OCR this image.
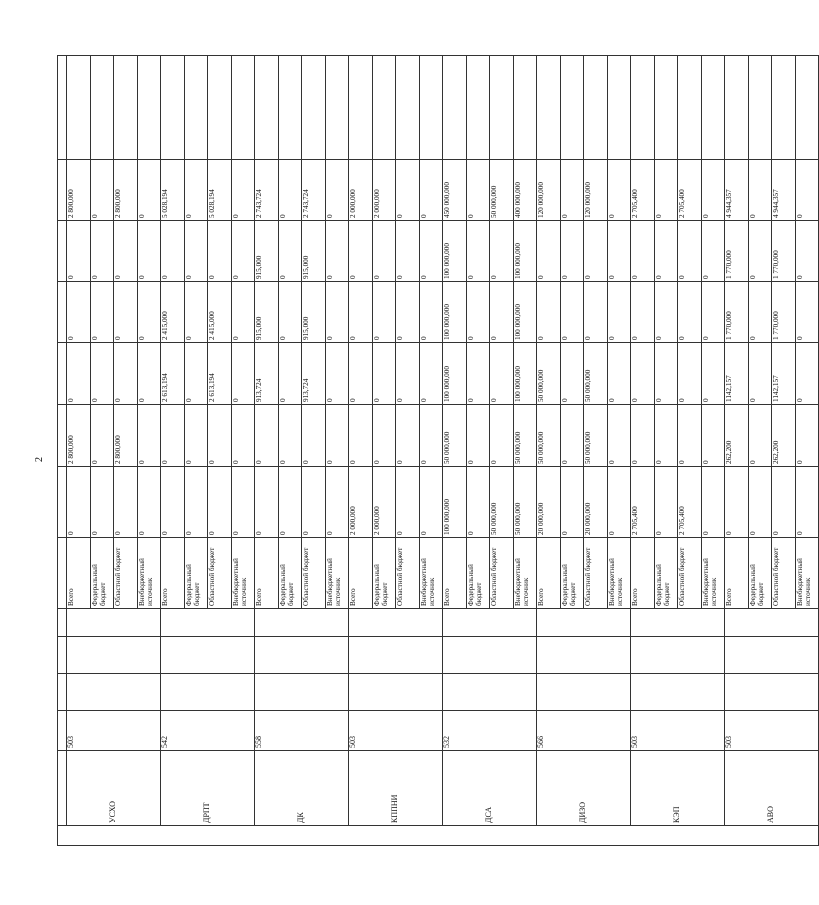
2

	УСХО	503				Всего	0	2 800,000	0	0	0	2 800,000	
						Федеральный бюджет	0	0	0	0	0	0	
						Областной бюджет	0	2 800,000	0	0	0	2 800,000	
						Внебюджетный источник	0	0	0	0	0	0	
	ДРПТ	542				Всего	0	0	2 613,194	2 415,000	0	5 028,194	
						Федеральный бюджет	0	0	0	0	0	0	
						Областной бюджет	0	0	2 613,194	2 415,000	0	5 028,194	
						Внебюджетный источник	0	0	0	0	0	0	
	ДК	558				Всего	0	0	913,724	915,000	915,000	2 743,724	
						Федеральный бюджет	0	0	0	0	0	0	
						Областной бюджет	0	0	913,724	915,000	915,000	2 743,724	
						Внебюджетный источник	0	0	0	0	0	0	
	КППНИ	503				Всего	2 000,000	0	0	0	0	2 000,000	
						Федеральный бюджет	2 000,000	0	0	0	0	2 000,000	
						Областной бюджет	0	0	0	0	0	0	
						Внебюджетный источник	0	0	0	0	0	0	
	ДСА	532				Всего	100 000,000	50 000,000	100 000,000	100 000,000	100 000,000	450 000,000	
						Федеральный бюджет	0	0	0	0	0	0	
						Областной бюджет	50 000,000	0	0	0	0	50 000,000	
						Внебюджетный источник	50 000,000	50 000,000	100 000,000	100 000,000	100 000,000	400 000,000	
	ДИЗО	566				Всего	20 000,000	50 000,000	50 000,000	0	0	120 000,000	
						Федеральный бюджет	0	0	0	0	0	0	
						Областной бюджет	20 000,000	50 000,000	50 000,000	0	0	120 000,000	
						Внебюджетный источник	0	0	0	0	0	0	
	КЭП	503				Всего	2 705,400	0	0	0	0	2 705,400	
						Федеральный бюджет	0	0	0	0	0	0	
						Областной бюджет	2 705,400	0	0	0	0	2 705,400	
						Внебюджетный источник	0	0	0	0	0	0	
	АВО	503				Всего	0	262,200	1142,157	1 770,000	1 770,000	4 944,357	
						Федеральный бюджет	0	0	0	0	0	0	
						Областной бюджет	0	262,200	1142,157	1 770,000	1 770,000	4 944,357	
						Внебюджетный источник	0	0	0	0	0	0	
